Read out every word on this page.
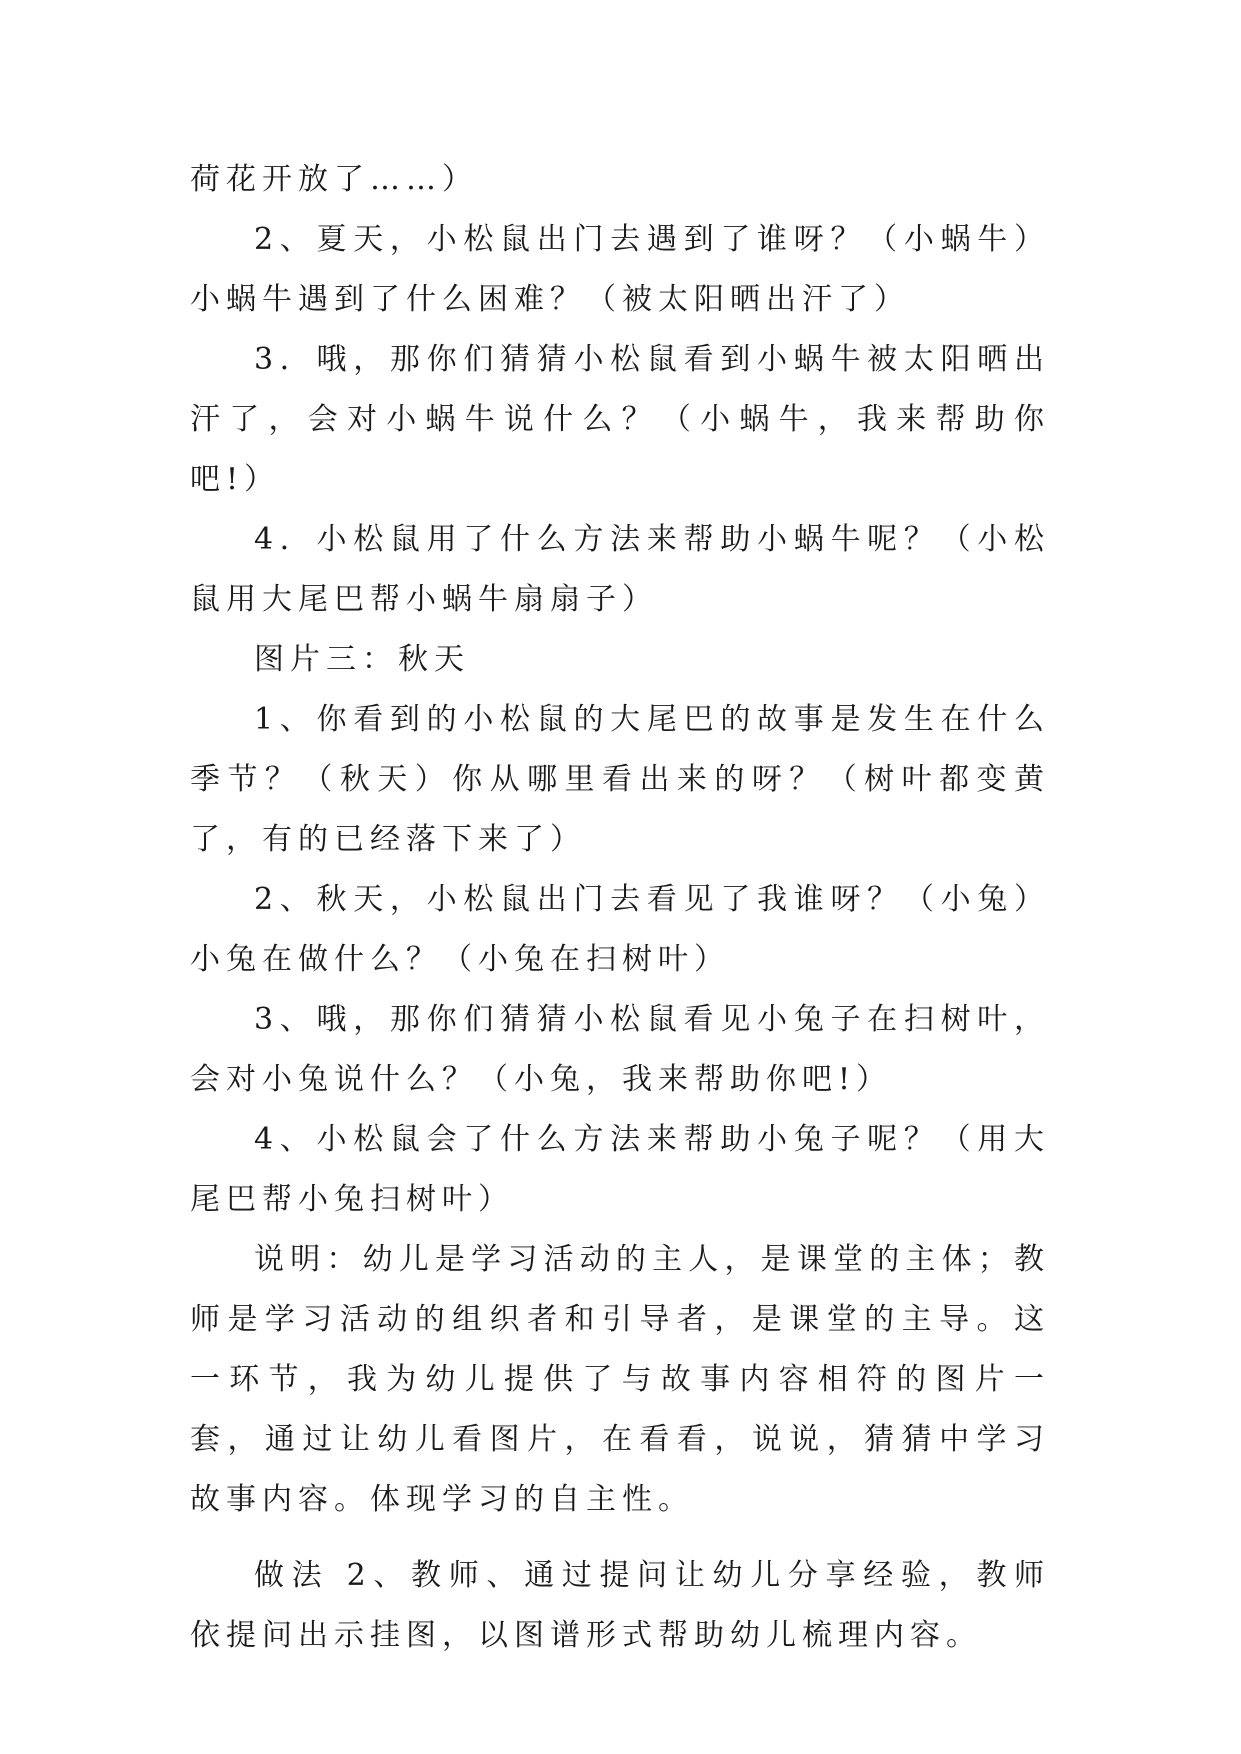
荷花开放了……）

2、夏天，小松鼠出门去遇到了谁呀？（小蜗牛）小蜗牛遇到了什么困难？（被太阳晒出汗了）

3．哦，那你们猜猜小松鼠看到小蜗牛被太阳晒出汗了，会对小蜗牛说什么？（小蜗牛，我来帮助你吧!）

4．小松鼠用了什么方法来帮助小蜗牛呢？（小松鼠用大尾巴帮小蜗牛扇扇子）

图片三：秋天

1、你看到的小松鼠的大尾巴的故事是发生在什么季节？（秋天）你从哪里看出来的呀？（树叶都变黄了，有的已经落下来了）

2、秋天，小松鼠出门去看见了我谁呀？（小兔）小兔在做什么？（小兔在扫树叶）

3、哦，那你们猜猜小松鼠看见小兔子在扫树叶，会对小兔说什么？（小兔，我来帮助你吧!）

4、小松鼠会了什么方法来帮助小兔子呢？（用大尾巴帮小兔扫树叶）

说明：幼儿是学习活动的主人，是课堂的主体；教师是学习活动的组织者和引导者，是课堂的主导。这一环节，我为幼儿提供了与故事内容相符的图片一套，通过让幼儿看图片，在看看，说说，猜猜中学习故事内容。体现学习的自主性。

做法 2、教师、通过提问让幼儿分享经验，教师依提问出示挂图，以图谱形式帮助幼儿梳理内容。
